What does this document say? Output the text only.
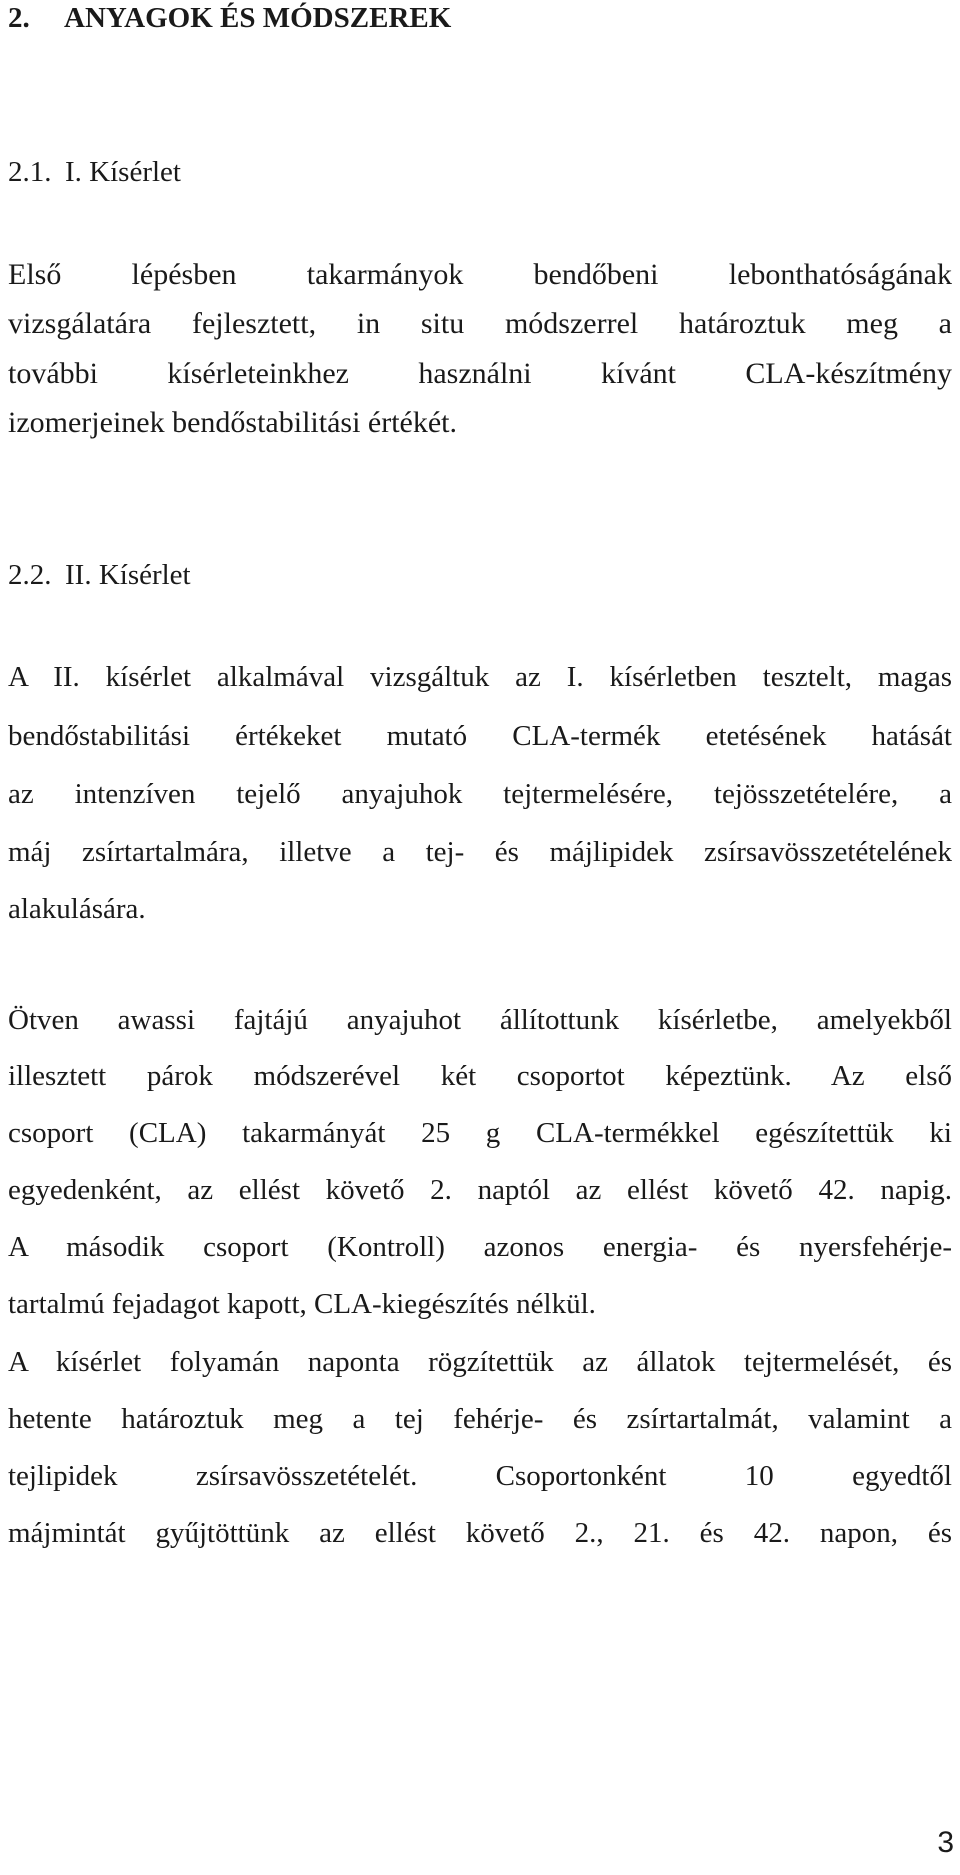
2. ANYAGOK ÉS MÓDSZEREK
2.1. I. Kísérlet

Első lépésben takarmányok bendőbeni lebonthatóságának

vizsgálatára fejlesztett, in situ módszerrel határoztuk meg a

további kísérleteinkhez használni kívánt CLA-készítmény

izomerjeinek bendőstabilitási értékét.

2.2. II. Kísérlet

A II. kísérlet alkalmával vizsgáltuk az I. kísérletben tesztelt, magas

bendőstabilitási értékeket mutató CLA-termék etetésének hatását

az intenzíven tejelő anyajuhok tejtermelésére, tejösszetételére, a

máj zsírtartalmára, illetve a tej- és májlipidek zsírsavösszetételének

alakulására.

Ötven awassi fajtájú anyajuhot állítottunk kísérletbe, amelyekből

illesztett párok módszerével két csoportot képeztünk. Az első

csoport (CLA) takarmányát 25 g CLA-termékkel egészítettük ki

egyedenként, az ellést követő 2. naptól az ellést követő 42. napig.

A második csoport (Kontroll) azonos energia- és nyersfehérje-

tartalmú fejadagot kapott, CLA-kiegészítés nélkül.

A kísérlet folyamán naponta rögzítettük az állatok tejtermelését, és

hetente határoztuk meg a tej fehérje- és zsírtartalmát, valamint a

tejlipidek zsírsavösszetételét. Csoportonként 10 egyedtől

májmintát gyűjtöttünk az ellést követő 2., 21. és 42. napon, és

3
